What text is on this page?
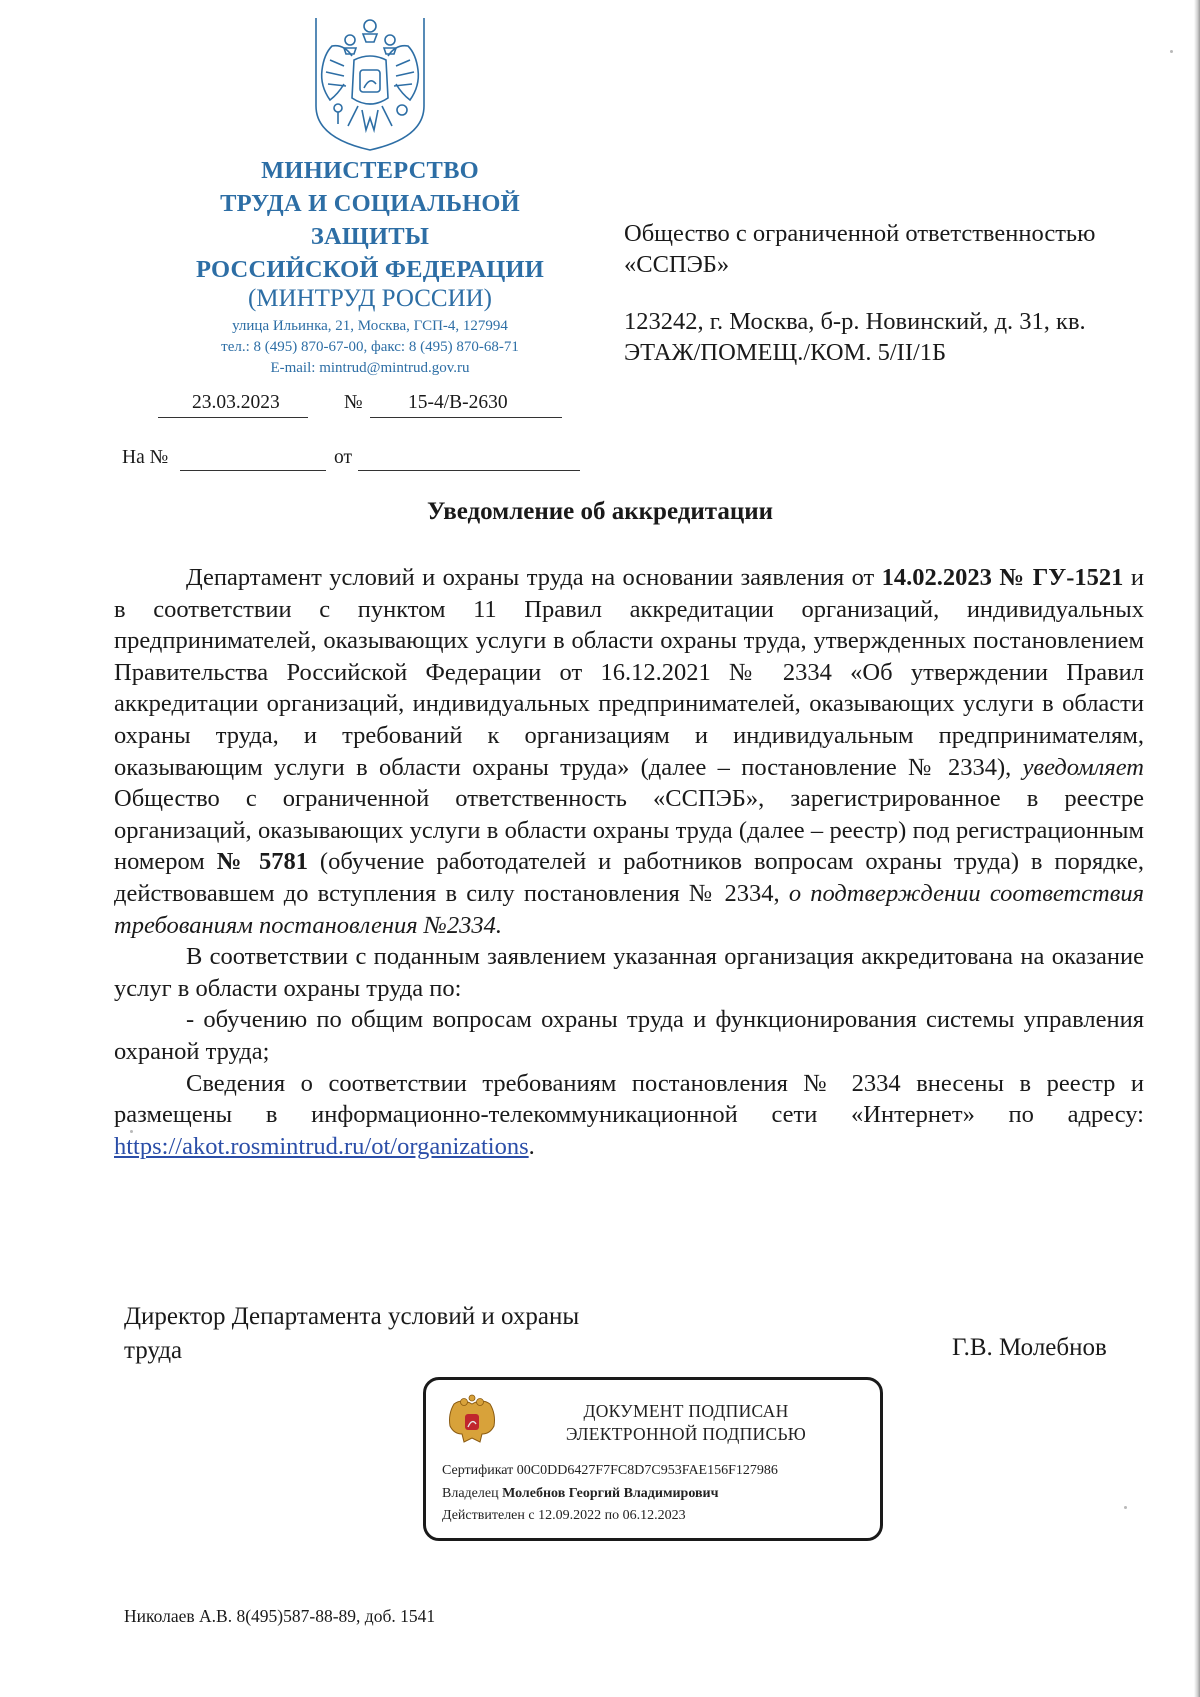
МИНИСТЕРСТВО
ТРУДА И СОЦИАЛЬНОЙ
ЗАЩИТЫ
РОССИЙСКОЙ ФЕДЕРАЦИИ
(МИНТРУД РОССИИ)
улица Ильинка, 21, Москва, ГСП-4, 127994
тел.: 8 (495) 870-67-00, факс: 8 (495) 870-68-71
E-mail: mintrud@mintrud.gov.ru
23.03.2023	№ 15-4/В-2630
На №	от
Общество с ограниченной ответственностью «ССПЭБ»
123242, г. Москва, б-р. Новинский, д. 31, кв. ЭТАЖ/ПОМЕЩ./КОМ. 5/II/1Б
Уведомление об аккредитации

Департамент условий и охраны труда на основании заявления от 14.02.2023 № ГУ-1521 и в соответствии с пунктом 11 Правил аккредитации организаций, индивидуальных предпринимателей, оказывающих услуги в области охраны труда, утвержденных постановлением Правительства Российской Федерации от 16.12.2021 № 2334 «Об утверждении Правил аккредитации организаций, индивидуальных предпринимателей, оказывающих услуги в области охраны труда, и требований к организациям и индивидуальным предпринимателям, оказывающим услуги в области охраны труда» (далее – постановление № 2334), уведомляет Общество с ограниченной ответственность «ССПЭБ», зарегистрированное в реестре организаций, оказывающих услуги в области охраны труда (далее – реестр) под регистрационным номером № 5781 (обучение работодателей и работников вопросам охраны труда) в порядке, действовавшем до вступления в силу постановления № 2334, о подтверждении соответствия требованиям постановления №2334.

В соответствии с поданным заявлением указанная организация аккредитована на оказание услуг в области охраны труда по:

- обучению по общим вопросам охраны труда и функционирования системы управления охраной труда;

Сведения о соответствии требованиям постановления № 2334 внесены в реестр и размещены в информационно-телекоммуникационной сети «Интернет» по адресу: https://akot.rosmintrud.ru/ot/organizations.

Директор Департамента условий и охраны труда	Г.В. Молебнов
ДОКУМЕНТ ПОДПИСАН
ЭЛЕКТРОННОЙ ПОДПИСЬЮ
Сертификат 00C0DD6427F7FC8D7C953FAE156F127986
Владелец Молебнов Георгий Владимирович
Действителен с 12.09.2022 по 06.12.2023
Николаев А.В. 8(495)587-88-89, доб. 1541
